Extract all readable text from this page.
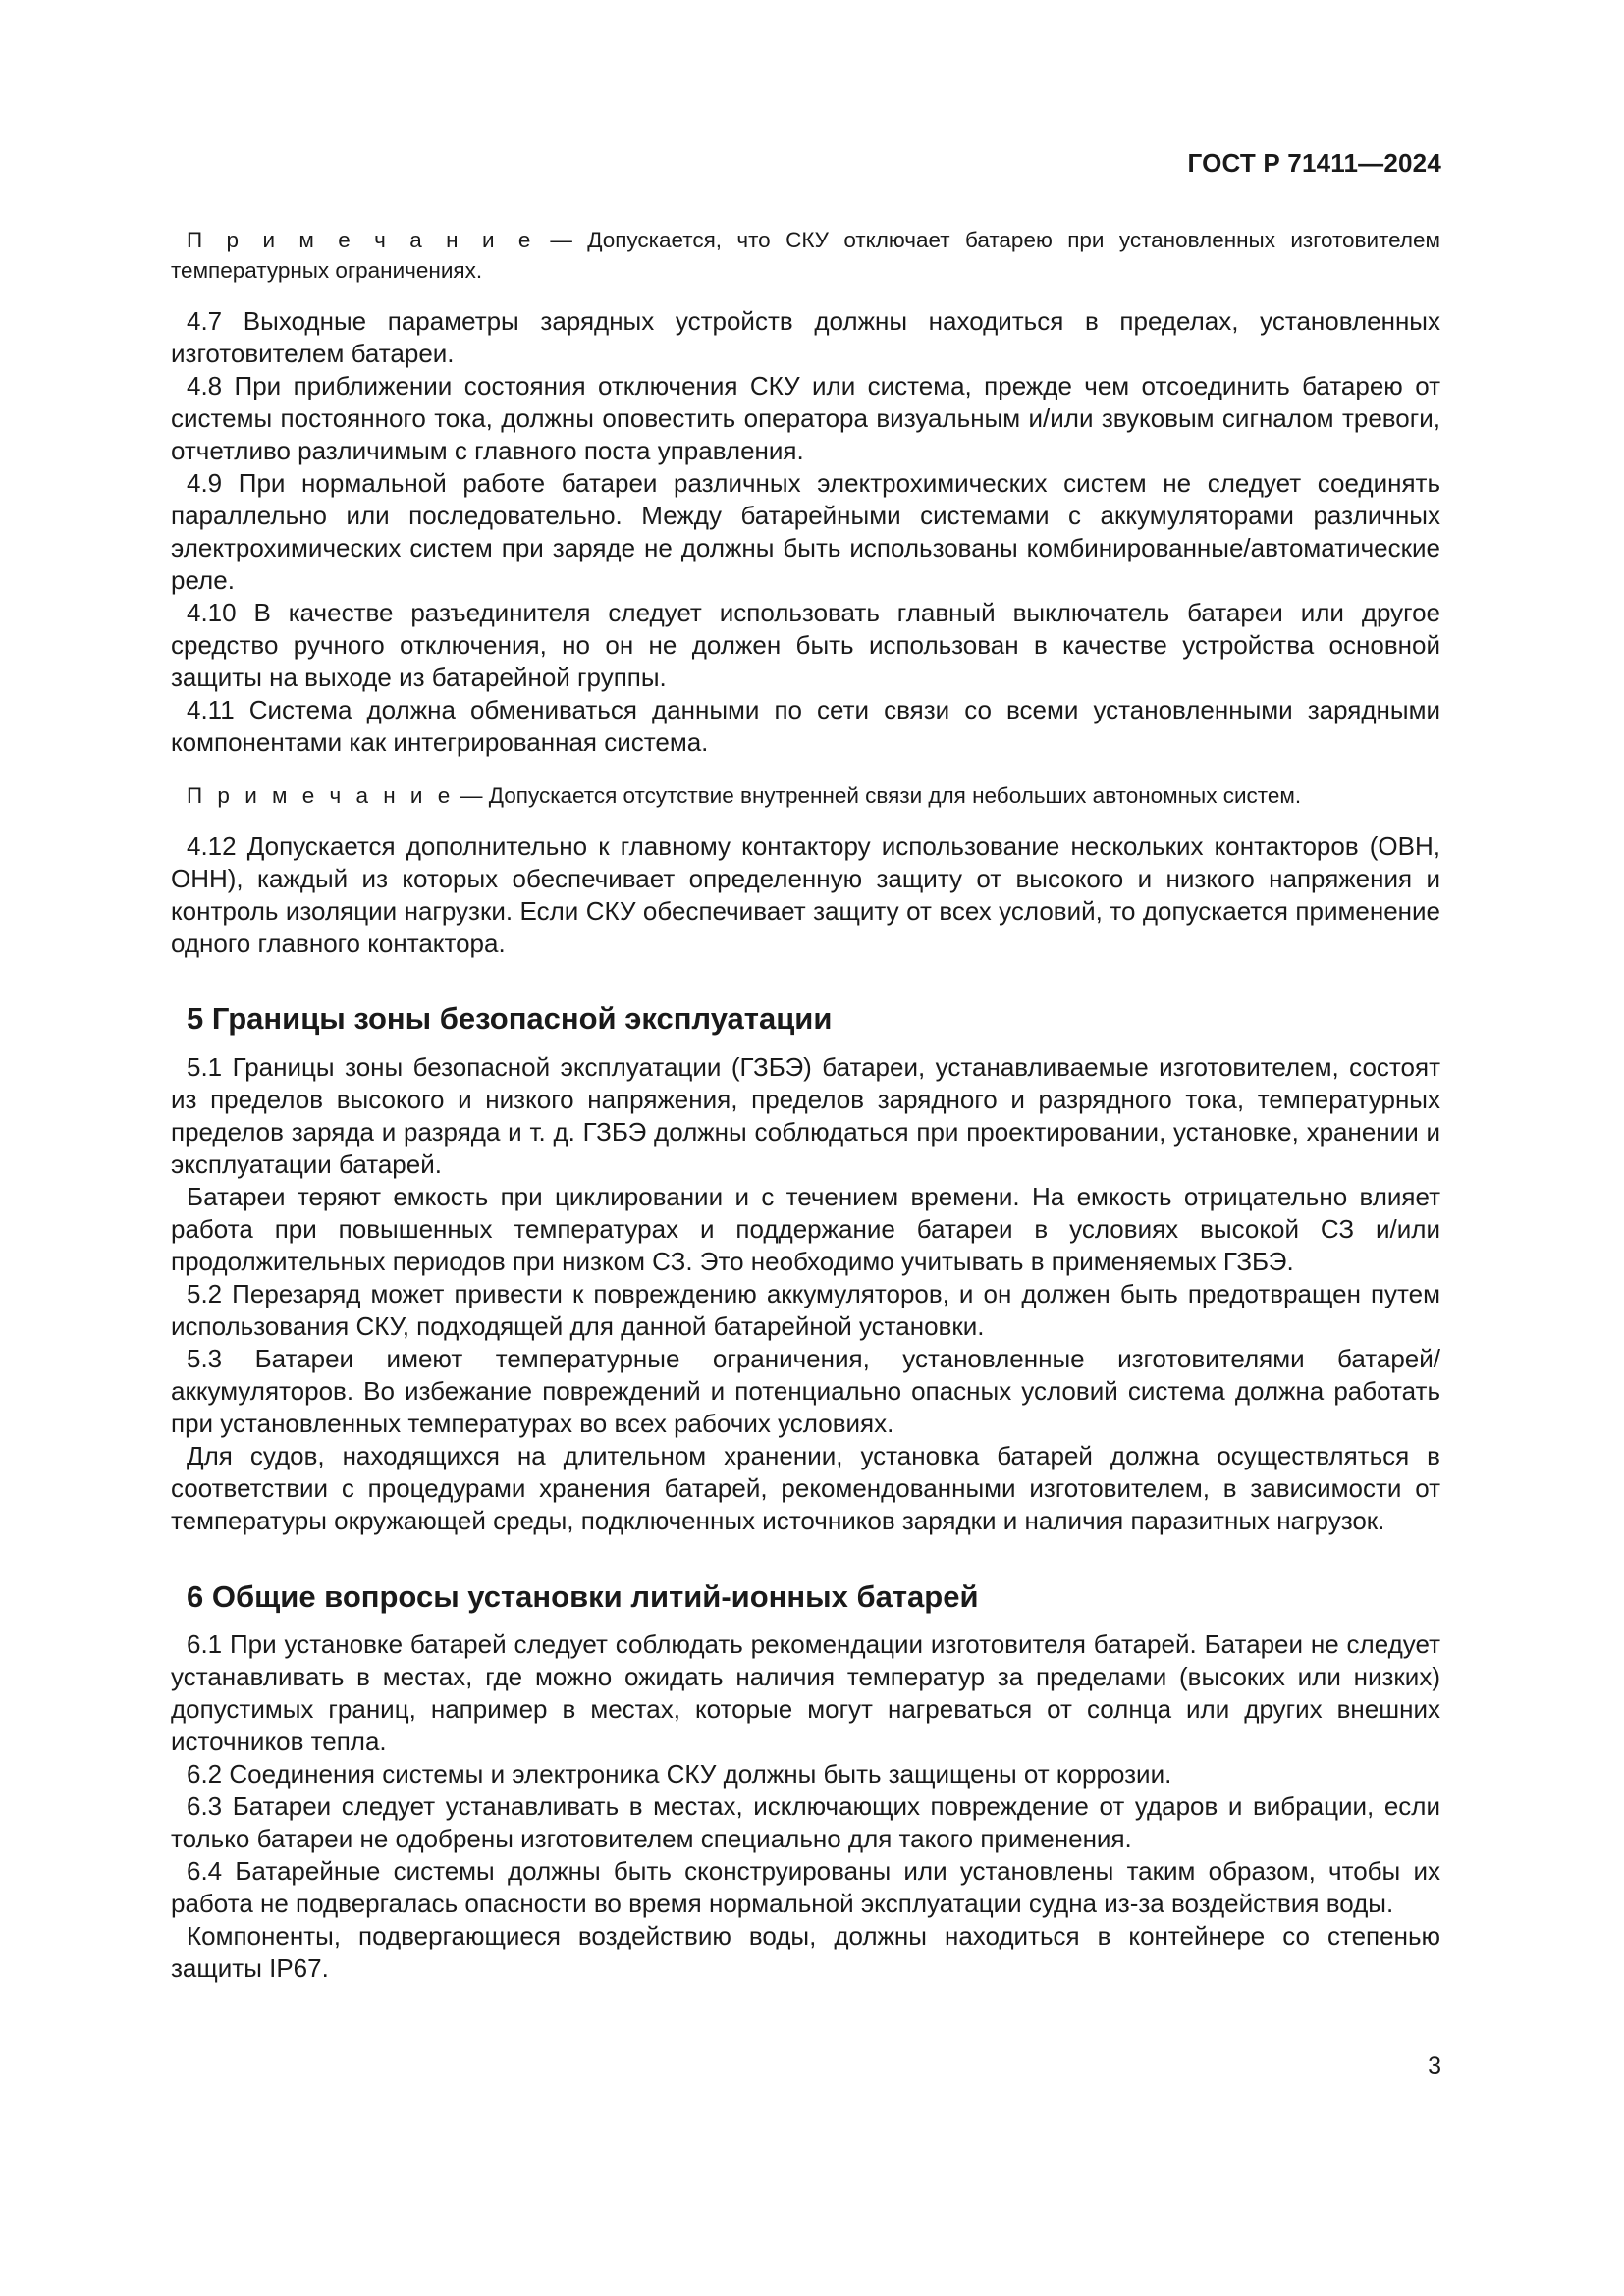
ГОСТ Р 71411—2024

П р и м е ч а н и е — Допускается, что СКУ отключает батарею при установленных изготовителем температурных ограничениях.

4.7 Выходные параметры зарядных устройств должны находиться в пределах, установленных изготовителем батареи.

4.8 При приближении состояния отключения СКУ или система, прежде чем отсоединить батарею от системы постоянного тока, должны оповестить оператора визуальным и/или звуковым сигналом тревоги, отчетливо различимым с главного поста управления.

4.9 При нормальной работе батареи различных электрохимических систем не следует соединять параллельно или последовательно. Между батарейными системами с аккумуляторами различных электрохимических систем при заряде не должны быть использованы комбинированные/автоматические реле.

4.10 В качестве разъединителя следует использовать главный выключатель батареи или другое средство ручного отключения, но он не должен быть использован в качестве устройства основной защиты на выходе из батарейной группы.

4.11 Система должна обмениваться данными по сети связи со всеми установленными зарядными компонентами как интегрированная система.

П р и м е ч а н и е — Допускается отсутствие внутренней связи для небольших автономных систем.

4.12 Допускается дополнительно к главному контактору использование нескольких контакторов (ОВН, ОНН), каждый из которых обеспечивает определенную защиту от высокого и низкого напряжения и контроль изоляции нагрузки. Если СКУ обеспечивает защиту от всех условий, то допускается применение одного главного контактора.

5 Границы зоны безопасной эксплуатации

5.1 Границы зоны безопасной эксплуатации (ГЗБЭ) батареи, устанавливаемые изготовителем, состоят из пределов высокого и низкого напряжения, пределов зарядного и разрядного тока, температурных пределов заряда и разряда и т. д. ГЗБЭ должны соблюдаться при проектировании, установке, хранении и эксплуатации батарей.

Батареи теряют емкость при циклировании и с течением времени. На емкость отрицательно влияет работа при повышенных температурах и поддержание батареи в условиях высокой СЗ и/или продолжительных периодов при низком СЗ. Это необходимо учитывать в применяемых ГЗБЭ.

5.2 Перезаряд может привести к повреждению аккумуляторов, и он должен быть предотвращен путем использования СКУ, подходящей для данной батарейной установки.

5.3 Батареи имеют температурные ограничения, установленные изготовителями батарей/аккумуляторов. Во избежание повреждений и потенциально опасных условий система должна работать при установленных температурах во всех рабочих условиях.

Для судов, находящихся на длительном хранении, установка батарей должна осуществляться в соответствии с процедурами хранения батарей, рекомендованными изготовителем, в зависимости от температуры окружающей среды, подключенных источников зарядки и наличия паразитных нагрузок.

6 Общие вопросы установки литий-ионных батарей

6.1 При установке батарей следует соблюдать рекомендации изготовителя батарей. Батареи не следует устанавливать в местах, где можно ожидать наличия температур за пределами (высоких или низких) допустимых границ, например в местах, которые могут нагреваться от солнца или других внешних источников тепла.

6.2 Соединения системы и электроника СКУ должны быть защищены от коррозии.

6.3 Батареи следует устанавливать в местах, исключающих повреждение от ударов и вибрации, если только батареи не одобрены изготовителем специально для такого применения.

6.4 Батарейные системы должны быть сконструированы или установлены таким образом, чтобы их работа не подвергалась опасности во время нормальной эксплуатации судна из-за воздействия воды.

Компоненты, подвергающиеся воздействию воды, должны находиться в контейнере со степенью защиты IP67.

3
